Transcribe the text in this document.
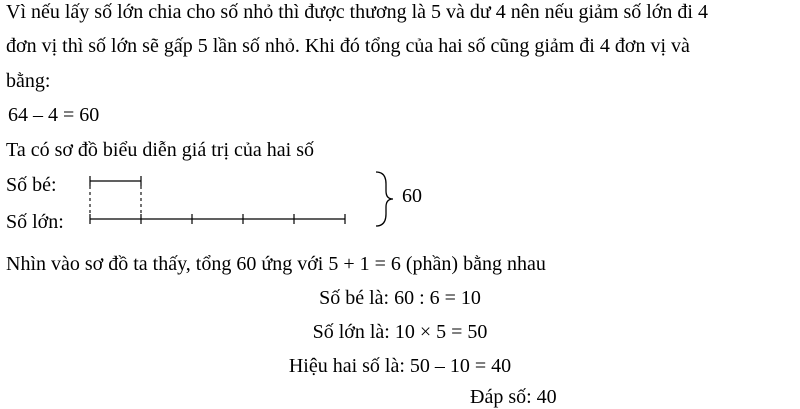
Vì nếu lấy số lớn chia cho số nhỏ thì được thương là 5 và dư 4 nên nếu giảm số lớn đi 4
đơn vị thì số lớn sẽ gấp 5 lần số nhỏ. Khi đó tổng của hai số cũng giảm đi 4 đơn vị và
bằng:
64 – 4 = 60
Ta có sơ đồ biểu diễn giá trị của hai số
Số bé:
Số lớn:
60
Nhìn vào sơ đồ ta thấy, tổng 60 ứng với 5 + 1 = 6 (phần) bằng nhau
Số bé là: 60 : 6 = 10
Số lớn là: 10 × 5 = 50
Hiệu hai số là: 50 – 10 = 40
Đáp số: 40
